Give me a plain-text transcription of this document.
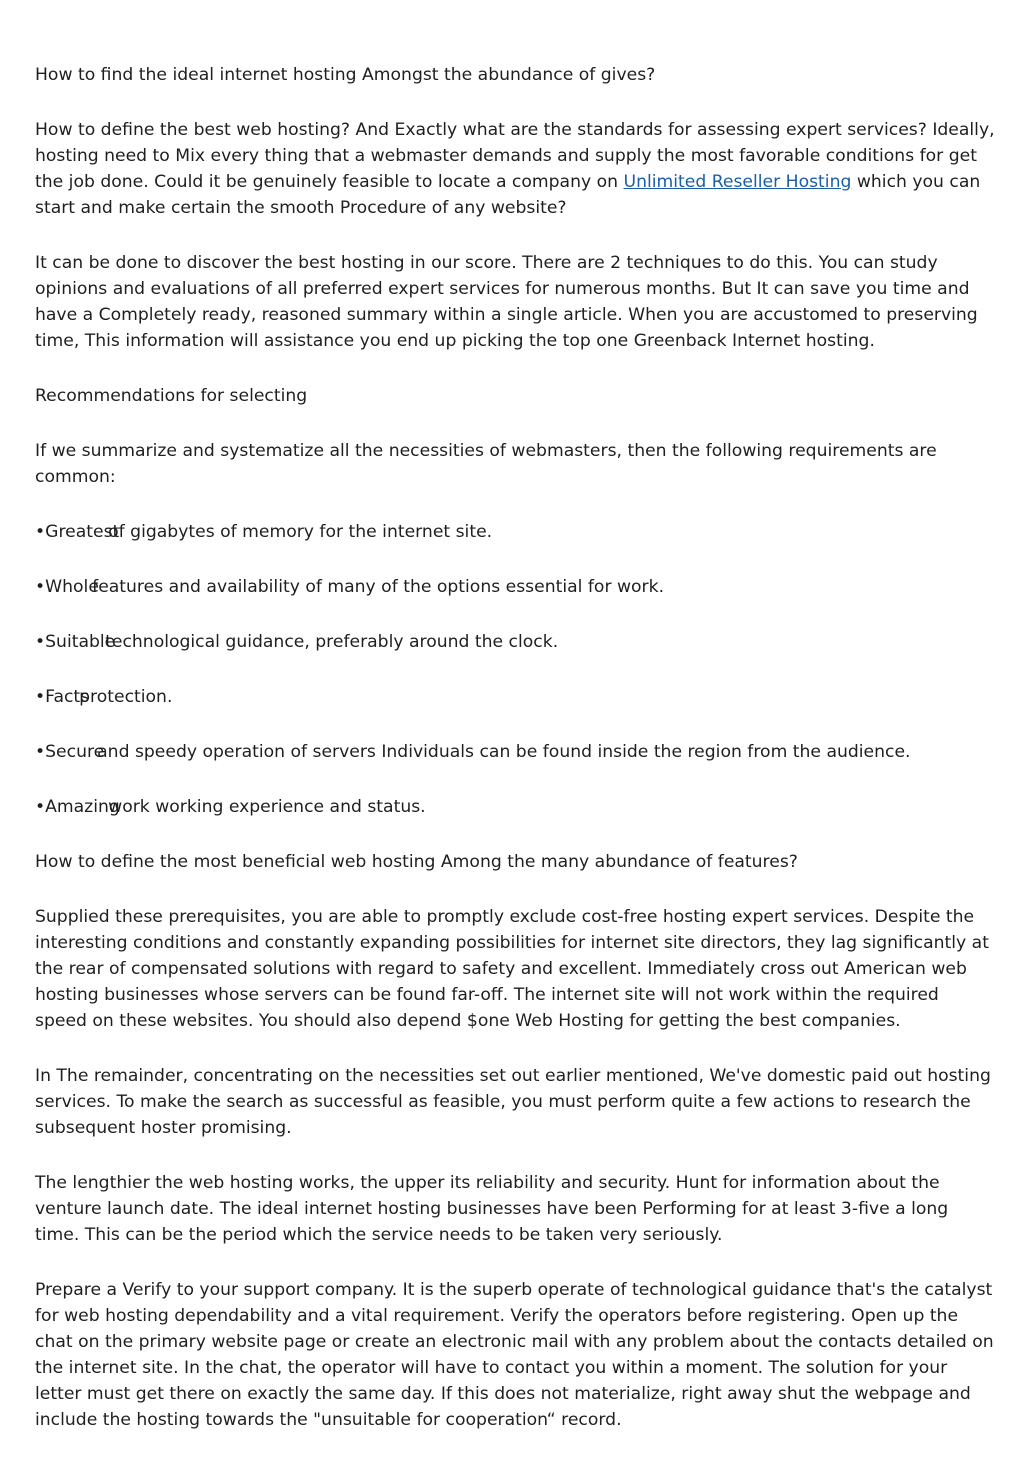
How to find the ideal internet hosting Amongst the abundance of gives?

How to define the best web hosting? And Exactly what are the standards for assessing expert services? Ideally, hosting need to Mix every thing that a webmaster demands and supply the most favorable conditions for get the job done. Could it be genuinely feasible to locate a company on Unlimited Reseller Hosting which you can start and make certain the smooth Procedure of any website?

It can be done to discover the best hosting in our score. There are 2 techniques to do this. You can study opinions and evaluations of all preferred expert services for numerous months. But It can save you time and have a Completely ready, reasoned summary within a single article. When you are accustomed to preserving time, This information will assistance you end up picking the top one Greenback Internet hosting.

Recommendations for selecting

If we summarize and systematize all the necessities of webmasters, then the following requirements are common:

•Greatestof gigabytes of memory for the internet site.
•Wholefeatures and availability of many of the options essential for work.
•Suitabletechnological guidance, preferably around the clock.
•Factsprotection.
•Secureand speedy operation of servers Individuals can be found inside the region from the audience.
•Amazingwork working experience and status.

How to define the most beneficial web hosting Among the many abundance of features?

Supplied these prerequisites, you are able to promptly exclude cost-free hosting expert services. Despite the interesting conditions and constantly expanding possibilities for internet site directors, they lag significantly at the rear of compensated solutions with regard to safety and excellent. Immediately cross out American web hosting businesses whose servers can be found far-off. The internet site will not work within the required speed on these websites. You should also depend $one Web Hosting for getting the best companies.

In The remainder, concentrating on the necessities set out earlier mentioned, We've domestic paid out hosting services. To make the search as successful as feasible, you must perform quite a few actions to research the subsequent hoster promising.

The lengthier the web hosting works, the upper its reliability and security. Hunt for information about the venture launch date. The ideal internet hosting businesses have been Performing for at least 3-five a long time. This can be the period which the service needs to be taken very seriously.

Prepare a Verify to your support company. It is the superb operate of technological guidance that's the catalyst for web hosting dependability and a vital requirement. Verify the operators before registering. Open up the chat on the primary website page or create an electronic mail with any problem about the contacts detailed on the internet site. In the chat, the operator will have to contact you within a moment. The solution for your letter must get there on exactly the same day. If this does not materialize, right away shut the webpage and include the hosting towards the "unsuitable for cooperation“ record.
